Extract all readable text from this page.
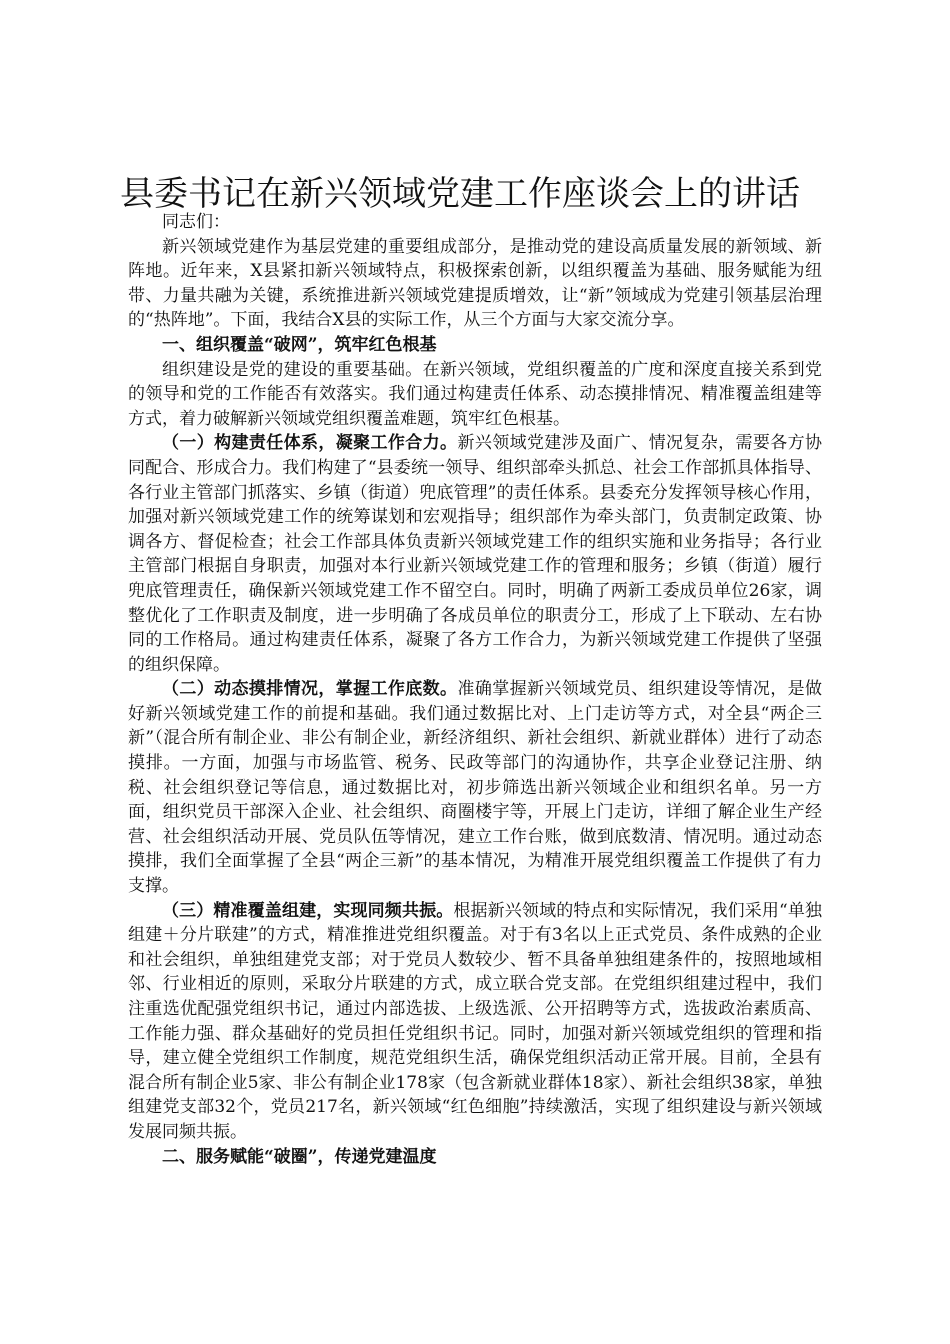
县委书记在新兴领域党建工作座谈会上的讲话

同志们：

新兴领域党建作为基层党建的重要组成部分，是推动党的建设高质量发展的新领域、新阵地。近年来，X县紧扣新兴领域特点，积极探索创新，以组织覆盖为基础、服务赋能为纽带、力量共融为关键，系统推进新兴领域党建提质增效，让“新”领域成为党建引领基层治理的“热阵地”。下面，我结合X县的实际工作，从三个方面与大家交流分享。

一、组织覆盖“破网”，筑牢红色根基

组织建设是党的建设的重要基础。在新兴领域，党组织覆盖的广度和深度直接关系到党的领导和党的工作能否有效落实。我们通过构建责任体系、动态摸排情况、精准覆盖组建等方式，着力破解新兴领域党组织覆盖难题，筑牢红色根基。

（一）构建责任体系，凝聚工作合力。新兴领域党建涉及面广、情况复杂，需要各方协同配合、形成合力。我们构建了“县委统一领导、组织部牵头抓总、社会工作部抓具体指导、各行业主管部门抓落实、乡镇（街道）兜底管理”的责任体系。县委充分发挥领导核心作用，加强对新兴领域党建工作的统筹谋划和宏观指导；组织部作为牵头部门，负责制定政策、协调各方、督促检查；社会工作部具体负责新兴领域党建工作的组织实施和业务指导；各行业主管部门根据自身职责，加强对本行业新兴领域党建工作的管理和服务；乡镇（街道）履行兜底管理责任，确保新兴领域党建工作不留空白。同时，明确了两新工委成员单位26家，调整优化了工作职责及制度，进一步明确了各成员单位的职责分工，形成了上下联动、左右协同的工作格局。通过构建责任体系，凝聚了各方工作合力，为新兴领域党建工作提供了坚强的组织保障。

（二）动态摸排情况，掌握工作底数。准确掌握新兴领域党员、组织建设等情况，是做好新兴领域党建工作的前提和基础。我们通过数据比对、上门走访等方式，对全县“两企三新”（混合所有制企业、非公有制企业，新经济组织、新社会组织、新就业群体）进行了动态摸排。一方面，加强与市场监管、税务、民政等部门的沟通协作，共享企业登记注册、纳税、社会组织登记等信息，通过数据比对，初步筛选出新兴领域企业和组织名单。另一方面，组织党员干部深入企业、社会组织、商圈楼宇等，开展上门走访，详细了解企业生产经营、社会组织活动开展、党员队伍等情况，建立工作台账，做到底数清、情况明。通过动态摸排，我们全面掌握了全县“两企三新”的基本情况，为精准开展党组织覆盖工作提供了有力支撑。

（三）精准覆盖组建，实现同频共振。根据新兴领域的特点和实际情况，我们采用“单独组建＋分片联建”的方式，精准推进党组织覆盖。对于有3名以上正式党员、条件成熟的企业和社会组织，单独组建党支部；对于党员人数较少、暂不具备单独组建条件的，按照地域相邻、行业相近的原则，采取分片联建的方式，成立联合党支部。在党组织组建过程中，我们注重选优配强党组织书记，通过内部选拔、上级选派、公开招聘等方式，选拔政治素质高、工作能力强、群众基础好的党员担任党组织书记。同时，加强对新兴领域党组织的管理和指导，建立健全党组织工作制度，规范党组织生活，确保党组织活动正常开展。目前，全县有混合所有制企业5家、非公有制企业178家（包含新就业群体18家）、新社会组织38家，单独组建党支部32个，党员217名，新兴领域“红色细胞”持续激活，实现了组织建设与新兴领域发展同频共振。

二、服务赋能“破圈”，传递党建温度
